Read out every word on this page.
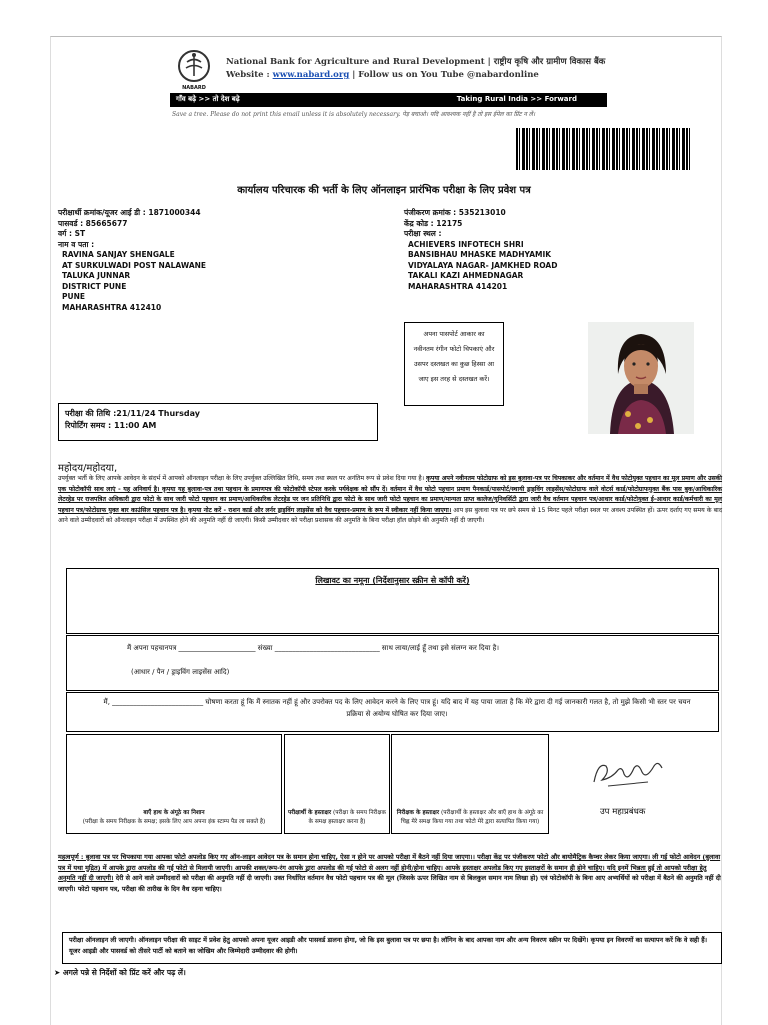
NABARD
National Bank for Agriculture and Rural Development | राष्ट्रीय कृषि और ग्रामीण विकास बैंक
Website : www.nabard.org | Follow us on You Tube @nabardonline
गाँव बढ़े >> तो देश बढ़े	Taking Rural India >> Forward
Save a tree. Please do not print this email unless it is absolutely necessary. पेड़ बचाओ। यदि आवश्यक नहीं है तो इस ईमेल का प्रिंट न लें।
कार्यालय परिचारक की भर्ती के लिए ऑनलाइन प्रारंभिक परीक्षा के लिए प्रवेश पत्र
परीक्षार्थी क्रमांक/यूजर आई डी : 1871000344
पासवर्ड : 85665677
वर्ग : ST
नाम व पता :
RAVINA SANJAY SHENGALE
AT SURKULWADI POST NALAWANE
TALUKA JUNNAR
DISTRICT PUNE
PUNE
MAHARASHTRA 412410
पंजीकरण क्रमांक : 535213010
केंद्र कोड : 12175
परीक्षा स्थल :
ACHIEVERS INFOTECH SHRI
BANSIBHAU MHASKE MADHYAMIK
VIDYALAYA NAGAR- JAMKHED ROAD
TAKALI KAZI AHMEDNAGAR
MAHARASHTRA 414201
अपना पासपोर्ट आकार का नवीनतम रंगीन फोटो चिपकाएं और उसपर दस्तखत का कुछ हिस्सा आ जाए इस तरह से दस्तखत करें।
परीक्षा की तिथि :21/11/24 Thursday
रिपोर्टिंग समय : 11:00 AM
महोदय/महोदया,
उपर्युक्त भर्ती के लिए आपके आवेदन के संदर्भ में आपको ऑनलाइन परीक्षा के लिए उपर्युक्त उल्लिखित तिथि, समय तथा स्थल पर अनंतिम रूप से प्रवेश दिया गया है। कृपया अपने नवीनतम फोटोग्राफ को इस बुलावा-पत्र पर चिपकाकर और वर्तमान में वैध फोटोयुक्त पहचान का मूल प्रमाण और उसकी एक फोटोकॉपी साथ लाएं - यह अनिवार्य है। कृपया यह बुलावा-पत्र तथा पहचान के प्रमाणपत्र की फोटोकॉपी स्टेपल करके पर्यवेक्षक को सौंप दें। वर्तमान में वैध फोटो पहचान प्रमाण पैनकार्ड/पासपोर्ट/स्थायी ड्राइविंग लाइसेंस/फोटोग्राफ वाले वोटर्स कार्ड/फोटोग्राफयुक्त बैंक पास बुक/आधिकारिक लेटरहेड पर राजपत्रित अधिकारी द्वारा फोटो के साथ जारी फोटो पहचान का प्रमाण/आधिकारिक लेटरहेड पर जन प्रतिनिधि द्वारा फोटो के साथ जारी फोटो पहचान का प्रमाण/मान्यता प्राप्त कालेज/यूनिवर्सिटी द्वारा जारी वैध वर्तमान पहचान पत्र/आधार कार्ड/फोटोयुक्त ई-आधार कार्ड/कर्मचारी का मूल पहचान पत्र/फोटोग्राफ युक्त बार काउंसिल पहचान पत्र है। कृपया नोट करें - राशन कार्ड और लर्नर ड्राइविंग लाइसेंस को वैध पहचान-प्रमाण के रूप में स्वीकार नहीं किया जाएगा। आप इस बुलावा पत्र पर छपे समय से 15 मिनट पहले परीक्षा स्थल पर अवश्य उपस्थित हों। ऊपर दर्शाए गए समय के बाद आने वाले उम्मीदवारों को ऑनलाइन परीक्षा में उपस्थित होने की अनुमति नहीं दी जाएगी। किसी उम्मीदवार को परीक्षा प्रशासक की अनुमति के बिना परीक्षा हॉल छोड़ने की अनुमति नहीं दी जाएगी।
लिखावट का नमूना (निर्देशानुसार स्क्रीन से कॉपी करें)
मैं अपना पहचानपत्र ______________________ संख्या ______________________________ साथ लाया/लाई हूँ तथा इसे संलग्न कर दिया है।
(आधार / पैन / ड्राइविंग लाइसेंस आदि)
मैं, __________________________ घोषणा करता हूं कि मैं स्नातक नहीं हूं और उपरोक्त पद के लिए आवेदन करने के लिए पात्र हूं। यदि बाद में यह पाया जाता है कि मेरे द्वारा दी गई जानकारी गलत है, तो मुझे किसी भी स्तर पर चयन प्रक्रिया से अयोग्य घोषित कर दिया जाए।
बाएँ हाथ के अंगूठे का निशान
(परीक्षा के समय निरीक्षक के समक्ष; इसके लिए आप अपना इंक स्टाम्प पैड ला सकते है)
परीक्षार्थी के हस्ताक्षर (परीक्षा के समय निरीक्षक के समक्ष हस्ताक्षर करना है)
निरीक्षक के हस्ताक्षर (परीक्षार्थी के हस्ताक्षर और बाएँ हाथ के अंगूठे का चिह्न मेरे समक्ष किया गया तथा फोटो मेरे द्वारा सत्यापित किया गया)
उप महाप्रबंधक
महत्वपूर्ण : बुलावा पत्र पर चिपकाया गया आपका फोटो अपलोड किए गए ऑन-लाइन आवेदन पत्र के समान होना चाहिए, ऐसा न होने पर आपको परीक्षा में बैठने नहीं दिया जाएगा।। परीक्षा केंद्र पर पंजीकरण फोटो और बायोमैट्रिक कैप्चर लेकर किया जाएगा। ली गई फोटो आवेदन (बुलावा पत्र में यथा मुद्रित) में आपके द्वारा अपलोड की गई फोटो से मिलायी जाएगी। आपकी शक्ल/रूप-रंग आपके द्वारा अपलोड की गई फोटो से अलग नहीं होनी/होना चाहिए। आपके हस्ताक्षर अपलोड किए गए हस्ताक्षरों के समान ही होने चाहिए। यदि इनमें भिन्नता हुई तो आपको परीक्षा हेतु अनुमति नहीं दी जाएगी। देरी से आने वाले उम्मीदवारों को परीक्षा की अनुमति नहीं दी जाएगी। उक्त निर्धारित वर्तमान वैध फोटो पहचान पत्र की मूल (जिसके ऊपर लिखित नाम से बिलकुल समान नाम लिखा हो) एवं फोटोकॉपी के बिना आए अभ्यर्थियों को परीक्षा में बैठने की अनुमति नहीं दी जाएगी। फोटो पहचान पत्र, परीक्षा की तारीख के दिन वैध रहना चाहिए।
परीक्षा ऑनलाइन ली जाएगी। ऑनलाइन परीक्षा की साइट में प्रवेश हेतु आपको अपना यूजर आइडी और पासवर्ड डालना होगा, जो कि इस बुलावा पत्र पर छपा है। लॉगिन के बाद आपका नाम और अन्य विवरण स्क्रीन पर दिखेंगे। कृपया इन विवरणों का सत्यापन करें कि वे सही हैं। यूजर आइडी और पासवर्ड को तीसरे पार्टी को बताने का जोखिम और जिम्मेदारी उम्मीदवार की होगी।
➤ अगले पन्ने से निर्देशों को प्रिंट करें और पढ़ लें।
